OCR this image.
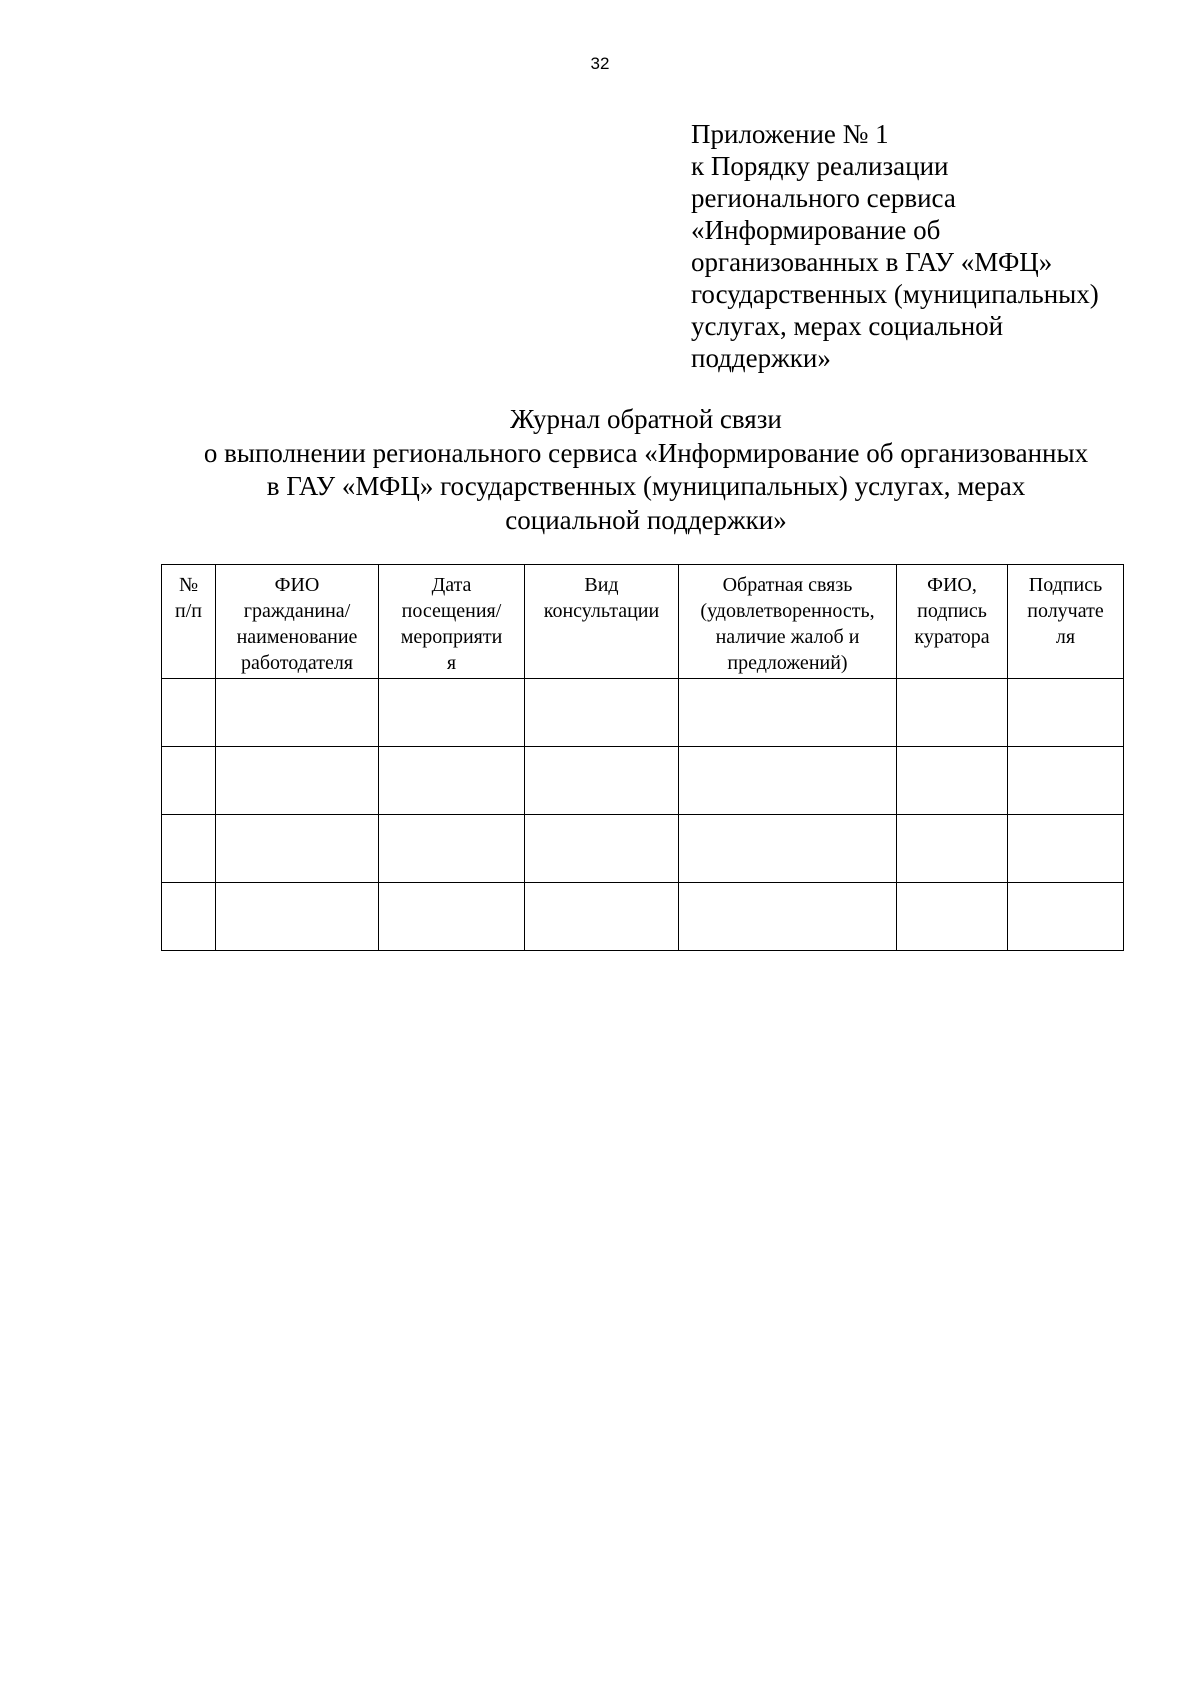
32
Приложение № 1
к Порядку реализации
регионального сервиса
«Информирование об
организованных в ГАУ «МФЦ»
государственных (муниципальных)
услугах, мерах социальной
поддержки»
Журнал обратной связи
о выполнении регионального сервиса «Информирование об организованных
в ГАУ «МФЦ» государственных (муниципальных) услугах, мерах
социальной поддержки»
№
п/п	ФИО
гражданина/
наименование
работодателя	Дата
посещения/
мероприяти
я	Вид
консультации	Обратная связь
(удовлетворенность,
наличие жалоб и
предложений)	ФИО,
подпись
куратора	Подпись
получате
ля
